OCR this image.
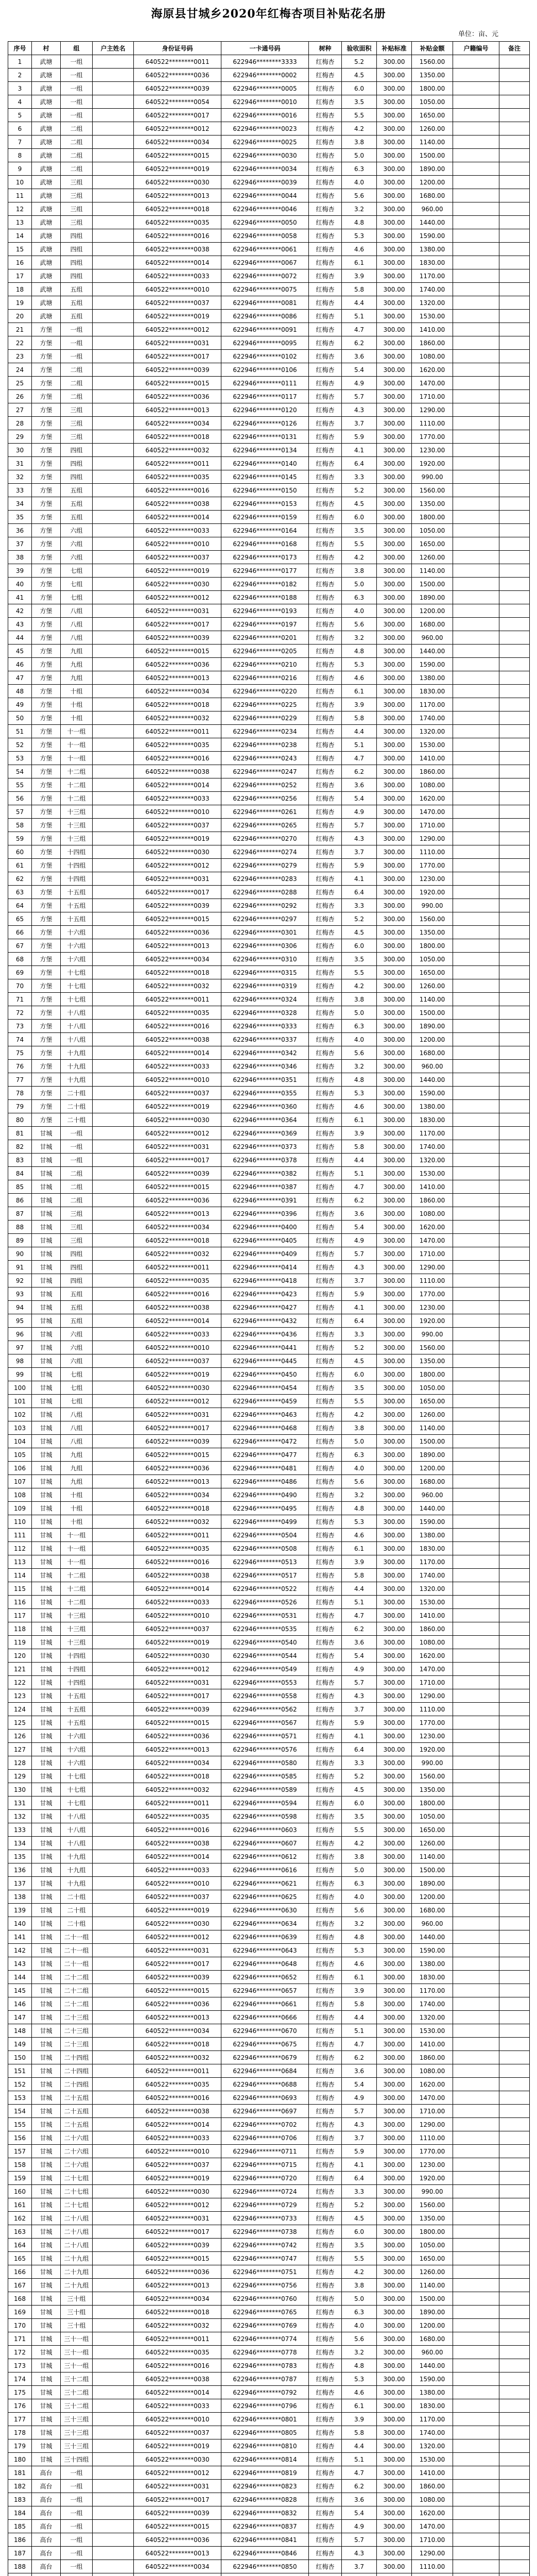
海原县甘城乡2020年红梅杏项目补贴花名册
单位：亩、元
序号	村	组	户主姓名	身份证号码	一卡通号码	树种	验收面积	补贴标准	补贴金额	户籍编号	备注
1	武塘	一组		640522********0011	622946********3333	红梅杏	5.2	300.00	1560.00		
2	武塘	一组		640522********0036	622946********0002	红梅杏	4.5	300.00	1350.00		
3	武塘	一组		640522********0039	622946********0005	红梅杏	6.0	300.00	1800.00		
4	武塘	一组		640522********0054	622946********0010	红梅杏	3.5	300.00	1050.00		
5	武塘	一组		640522********0017	622946********0016	红梅杏	5.5	300.00	1650.00		
6	武塘	二组		640522********0012	622946********0023	红梅杏	4.2	300.00	1260.00		
7	武塘	二组		640522********0034	622946********0025	红梅杏	3.8	300.00	1140.00		
8	武塘	二组		640522********0015	622946********0030	红梅杏	5.0	300.00	1500.00		
9	武塘	二组		640522********0019	622946********0034	红梅杏	6.3	300.00	1890.00		
10	武塘	三组		640522********0030	622946********0039	红梅杏	4.0	300.00	1200.00		
11	武塘	三组		640522********0013	622946********0044	红梅杏	5.6	300.00	1680.00		
12	武塘	三组		640522********0018	622946********0046	红梅杏	3.2	300.00	960.00		
13	武塘	三组		640522********0035	622946********0050	红梅杏	4.8	300.00	1440.00		
14	武塘	四组		640522********0016	622946********0058	红梅杏	5.3	300.00	1590.00		
15	武塘	四组		640522********0038	622946********0061	红梅杏	4.6	300.00	1380.00		
16	武塘	四组		640522********0014	622946********0067	红梅杏	6.1	300.00	1830.00		
17	武塘	四组		640522********0033	622946********0072	红梅杏	3.9	300.00	1170.00		
18	武塘	五组		640522********0010	622946********0075	红梅杏	5.8	300.00	1740.00		
19	武塘	五组		640522********0037	622946********0081	红梅杏	4.4	300.00	1320.00		
20	武塘	五组		640522********0019	622946********0086	红梅杏	5.1	300.00	1530.00		
21	方堡	一组		640522********0012	622946********0091	红梅杏	4.7	300.00	1410.00		
22	方堡	一组		640522********0031	622946********0095	红梅杏	6.2	300.00	1860.00		
23	方堡	一组		640522********0017	622946********0102	红梅杏	3.6	300.00	1080.00		
24	方堡	二组		640522********0039	622946********0106	红梅杏	5.4	300.00	1620.00		
25	方堡	二组		640522********0015	622946********0111	红梅杏	4.9	300.00	1470.00		
26	方堡	二组		640522********0036	622946********0117	红梅杏	5.7	300.00	1710.00		
27	方堡	三组		640522********0013	622946********0120	红梅杏	4.3	300.00	1290.00		
28	方堡	三组		640522********0034	622946********0126	红梅杏	3.7	300.00	1110.00		
29	方堡	三组		640522********0018	622946********0131	红梅杏	5.9	300.00	1770.00		
30	方堡	四组		640522********0032	622946********0134	红梅杏	4.1	300.00	1230.00		
31	方堡	四组		640522********0011	622946********0140	红梅杏	6.4	300.00	1920.00		
32	方堡	四组		640522********0035	622946********0145	红梅杏	3.3	300.00	990.00		
33	方堡	五组		640522********0016	622946********0150	红梅杏	5.2	300.00	1560.00		
34	方堡	五组		640522********0038	622946********0153	红梅杏	4.5	300.00	1350.00		
35	方堡	五组		640522********0014	622946********0159	红梅杏	6.0	300.00	1800.00		
36	方堡	六组		640522********0033	622946********0164	红梅杏	3.5	300.00	1050.00		
37	方堡	六组		640522********0010	622946********0168	红梅杏	5.5	300.00	1650.00		
38	方堡	六组		640522********0037	622946********0173	红梅杏	4.2	300.00	1260.00		
39	方堡	七组		640522********0019	622946********0177	红梅杏	3.8	300.00	1140.00		
40	方堡	七组		640522********0030	622946********0182	红梅杏	5.0	300.00	1500.00		
41	方堡	七组		640522********0012	622946********0188	红梅杏	6.3	300.00	1890.00		
42	方堡	八组		640522********0031	622946********0193	红梅杏	4.0	300.00	1200.00		
43	方堡	八组		640522********0017	622946********0197	红梅杏	5.6	300.00	1680.00		
44	方堡	八组		640522********0039	622946********0201	红梅杏	3.2	300.00	960.00		
45	方堡	九组		640522********0015	622946********0205	红梅杏	4.8	300.00	1440.00		
46	方堡	九组		640522********0036	622946********0210	红梅杏	5.3	300.00	1590.00		
47	方堡	九组		640522********0013	622946********0216	红梅杏	4.6	300.00	1380.00		
48	方堡	十组		640522********0034	622946********0220	红梅杏	6.1	300.00	1830.00		
49	方堡	十组		640522********0018	622946********0225	红梅杏	3.9	300.00	1170.00		
50	方堡	十组		640522********0032	622946********0229	红梅杏	5.8	300.00	1740.00		
51	方堡	十一组		640522********0011	622946********0234	红梅杏	4.4	300.00	1320.00		
52	方堡	十一组		640522********0035	622946********0238	红梅杏	5.1	300.00	1530.00		
53	方堡	十一组		640522********0016	622946********0243	红梅杏	4.7	300.00	1410.00		
54	方堡	十二组		640522********0038	622946********0247	红梅杏	6.2	300.00	1860.00		
55	方堡	十二组		640522********0014	622946********0252	红梅杏	3.6	300.00	1080.00		
56	方堡	十二组		640522********0033	622946********0256	红梅杏	5.4	300.00	1620.00		
57	方堡	十三组		640522********0010	622946********0261	红梅杏	4.9	300.00	1470.00		
58	方堡	十三组		640522********0037	622946********0265	红梅杏	5.7	300.00	1710.00		
59	方堡	十三组		640522********0019	622946********0270	红梅杏	4.3	300.00	1290.00		
60	方堡	十四组		640522********0030	622946********0274	红梅杏	3.7	300.00	1110.00		
61	方堡	十四组		640522********0012	622946********0279	红梅杏	5.9	300.00	1770.00		
62	方堡	十四组		640522********0031	622946********0283	红梅杏	4.1	300.00	1230.00		
63	方堡	十五组		640522********0017	622946********0288	红梅杏	6.4	300.00	1920.00		
64	方堡	十五组		640522********0039	622946********0292	红梅杏	3.3	300.00	990.00		
65	方堡	十五组		640522********0015	622946********0297	红梅杏	5.2	300.00	1560.00		
66	方堡	十六组		640522********0036	622946********0301	红梅杏	4.5	300.00	1350.00		
67	方堡	十六组		640522********0013	622946********0306	红梅杏	6.0	300.00	1800.00		
68	方堡	十六组		640522********0034	622946********0310	红梅杏	3.5	300.00	1050.00		
69	方堡	十七组		640522********0018	622946********0315	红梅杏	5.5	300.00	1650.00		
70	方堡	十七组		640522********0032	622946********0319	红梅杏	4.2	300.00	1260.00		
71	方堡	十七组		640522********0011	622946********0324	红梅杏	3.8	300.00	1140.00		
72	方堡	十八组		640522********0035	622946********0328	红梅杏	5.0	300.00	1500.00		
73	方堡	十八组		640522********0016	622946********0333	红梅杏	6.3	300.00	1890.00		
74	方堡	十八组		640522********0038	622946********0337	红梅杏	4.0	300.00	1200.00		
75	方堡	十九组		640522********0014	622946********0342	红梅杏	5.6	300.00	1680.00		
76	方堡	十九组		640522********0033	622946********0346	红梅杏	3.2	300.00	960.00		
77	方堡	十九组		640522********0010	622946********0351	红梅杏	4.8	300.00	1440.00		
78	方堡	二十组		640522********0037	622946********0355	红梅杏	5.3	300.00	1590.00		
79	方堡	二十组		640522********0019	622946********0360	红梅杏	4.6	300.00	1380.00		
80	方堡	二十组		640522********0030	622946********0364	红梅杏	6.1	300.00	1830.00		
81	甘城	一组		640522********0012	622946********0369	红梅杏	3.9	300.00	1170.00		
82	甘城	一组		640522********0031	622946********0373	红梅杏	5.8	300.00	1740.00		
83	甘城	一组		640522********0017	622946********0378	红梅杏	4.4	300.00	1320.00		
84	甘城	二组		640522********0039	622946********0382	红梅杏	5.1	300.00	1530.00		
85	甘城	二组		640522********0015	622946********0387	红梅杏	4.7	300.00	1410.00		
86	甘城	二组		640522********0036	622946********0391	红梅杏	6.2	300.00	1860.00		
87	甘城	三组		640522********0013	622946********0396	红梅杏	3.6	300.00	1080.00		
88	甘城	三组		640522********0034	622946********0400	红梅杏	5.4	300.00	1620.00		
89	甘城	三组		640522********0018	622946********0405	红梅杏	4.9	300.00	1470.00		
90	甘城	四组		640522********0032	622946********0409	红梅杏	5.7	300.00	1710.00		
91	甘城	四组		640522********0011	622946********0414	红梅杏	4.3	300.00	1290.00		
92	甘城	四组		640522********0035	622946********0418	红梅杏	3.7	300.00	1110.00		
93	甘城	五组		640522********0016	622946********0423	红梅杏	5.9	300.00	1770.00		
94	甘城	五组		640522********0038	622946********0427	红梅杏	4.1	300.00	1230.00		
95	甘城	五组		640522********0014	622946********0432	红梅杏	6.4	300.00	1920.00		
96	甘城	六组		640522********0033	622946********0436	红梅杏	3.3	300.00	990.00		
97	甘城	六组		640522********0010	622946********0441	红梅杏	5.2	300.00	1560.00		
98	甘城	六组		640522********0037	622946********0445	红梅杏	4.5	300.00	1350.00		
99	甘城	七组		640522********0019	622946********0450	红梅杏	6.0	300.00	1800.00		
100	甘城	七组		640522********0030	622946********0454	红梅杏	3.5	300.00	1050.00		
101	甘城	七组		640522********0012	622946********0459	红梅杏	5.5	300.00	1650.00		
102	甘城	八组		640522********0031	622946********0463	红梅杏	4.2	300.00	1260.00		
103	甘城	八组		640522********0017	622946********0468	红梅杏	3.8	300.00	1140.00		
104	甘城	八组		640522********0039	622946********0472	红梅杏	5.0	300.00	1500.00		
105	甘城	九组		640522********0015	622946********0477	红梅杏	6.3	300.00	1890.00		
106	甘城	九组		640522********0036	622946********0481	红梅杏	4.0	300.00	1200.00		
107	甘城	九组		640522********0013	622946********0486	红梅杏	5.6	300.00	1680.00		
108	甘城	十组		640522********0034	622946********0490	红梅杏	3.2	300.00	960.00		
109	甘城	十组		640522********0018	622946********0495	红梅杏	4.8	300.00	1440.00		
110	甘城	十组		640522********0032	622946********0499	红梅杏	5.3	300.00	1590.00		
111	甘城	十一组		640522********0011	622946********0504	红梅杏	4.6	300.00	1380.00		
112	甘城	十一组		640522********0035	622946********0508	红梅杏	6.1	300.00	1830.00		
113	甘城	十一组		640522********0016	622946********0513	红梅杏	3.9	300.00	1170.00		
114	甘城	十二组		640522********0038	622946********0517	红梅杏	5.8	300.00	1740.00		
115	甘城	十二组		640522********0014	622946********0522	红梅杏	4.4	300.00	1320.00		
116	甘城	十二组		640522********0033	622946********0526	红梅杏	5.1	300.00	1530.00		
117	甘城	十三组		640522********0010	622946********0531	红梅杏	4.7	300.00	1410.00		
118	甘城	十三组		640522********0037	622946********0535	红梅杏	6.2	300.00	1860.00		
119	甘城	十三组		640522********0019	622946********0540	红梅杏	3.6	300.00	1080.00		
120	甘城	十四组		640522********0030	622946********0544	红梅杏	5.4	300.00	1620.00		
121	甘城	十四组		640522********0012	622946********0549	红梅杏	4.9	300.00	1470.00		
122	甘城	十四组		640522********0031	622946********0553	红梅杏	5.7	300.00	1710.00		
123	甘城	十五组		640522********0017	622946********0558	红梅杏	4.3	300.00	1290.00		
124	甘城	十五组		640522********0039	622946********0562	红梅杏	3.7	300.00	1110.00		
125	甘城	十五组		640522********0015	622946********0567	红梅杏	5.9	300.00	1770.00		
126	甘城	十六组		640522********0036	622946********0571	红梅杏	4.1	300.00	1230.00		
127	甘城	十六组		640522********0013	622946********0576	红梅杏	6.4	300.00	1920.00		
128	甘城	十六组		640522********0034	622946********0580	红梅杏	3.3	300.00	990.00		
129	甘城	十七组		640522********0018	622946********0585	红梅杏	5.2	300.00	1560.00		
130	甘城	十七组		640522********0032	622946********0589	红梅杏	4.5	300.00	1350.00		
131	甘城	十七组		640522********0011	622946********0594	红梅杏	6.0	300.00	1800.00		
132	甘城	十八组		640522********0035	622946********0598	红梅杏	3.5	300.00	1050.00		
133	甘城	十八组		640522********0016	622946********0603	红梅杏	5.5	300.00	1650.00		
134	甘城	十八组		640522********0038	622946********0607	红梅杏	4.2	300.00	1260.00		
135	甘城	十九组		640522********0014	622946********0612	红梅杏	3.8	300.00	1140.00		
136	甘城	十九组		640522********0033	622946********0616	红梅杏	5.0	300.00	1500.00		
137	甘城	十九组		640522********0010	622946********0621	红梅杏	6.3	300.00	1890.00		
138	甘城	二十组		640522********0037	622946********0625	红梅杏	4.0	300.00	1200.00		
139	甘城	二十组		640522********0019	622946********0630	红梅杏	5.6	300.00	1680.00		
140	甘城	二十组		640522********0030	622946********0634	红梅杏	3.2	300.00	960.00		
141	甘城	二十一组		640522********0012	622946********0639	红梅杏	4.8	300.00	1440.00		
142	甘城	二十一组		640522********0031	622946********0643	红梅杏	5.3	300.00	1590.00		
143	甘城	二十一组		640522********0017	622946********0648	红梅杏	4.6	300.00	1380.00		
144	甘城	二十二组		640522********0039	622946********0652	红梅杏	6.1	300.00	1830.00		
145	甘城	二十二组		640522********0015	622946********0657	红梅杏	3.9	300.00	1170.00		
146	甘城	二十二组		640522********0036	622946********0661	红梅杏	5.8	300.00	1740.00		
147	甘城	二十三组		640522********0013	622946********0666	红梅杏	4.4	300.00	1320.00		
148	甘城	二十三组		640522********0034	622946********0670	红梅杏	5.1	300.00	1530.00		
149	甘城	二十三组		640522********0018	622946********0675	红梅杏	4.7	300.00	1410.00		
150	甘城	二十四组		640522********0032	622946********0679	红梅杏	6.2	300.00	1860.00		
151	甘城	二十四组		640522********0011	622946********0684	红梅杏	3.6	300.00	1080.00		
152	甘城	二十四组		640522********0035	622946********0688	红梅杏	5.4	300.00	1620.00		
153	甘城	二十五组		640522********0016	622946********0693	红梅杏	4.9	300.00	1470.00		
154	甘城	二十五组		640522********0038	622946********0697	红梅杏	5.7	300.00	1710.00		
155	甘城	二十五组		640522********0014	622946********0702	红梅杏	4.3	300.00	1290.00		
156	甘城	二十六组		640522********0033	622946********0706	红梅杏	3.7	300.00	1110.00		
157	甘城	二十六组		640522********0010	622946********0711	红梅杏	5.9	300.00	1770.00		
158	甘城	二十六组		640522********0037	622946********0715	红梅杏	4.1	300.00	1230.00		
159	甘城	二十七组		640522********0019	622946********0720	红梅杏	6.4	300.00	1920.00		
160	甘城	二十七组		640522********0030	622946********0724	红梅杏	3.3	300.00	990.00		
161	甘城	二十七组		640522********0012	622946********0729	红梅杏	5.2	300.00	1560.00		
162	甘城	二十八组		640522********0031	622946********0733	红梅杏	4.5	300.00	1350.00		
163	甘城	二十八组		640522********0017	622946********0738	红梅杏	6.0	300.00	1800.00		
164	甘城	二十八组		640522********0039	622946********0742	红梅杏	3.5	300.00	1050.00		
165	甘城	二十九组		640522********0015	622946********0747	红梅杏	5.5	300.00	1650.00		
166	甘城	二十九组		640522********0036	622946********0751	红梅杏	4.2	300.00	1260.00		
167	甘城	二十九组		640522********0013	622946********0756	红梅杏	3.8	300.00	1140.00		
168	甘城	三十组		640522********0034	622946********0760	红梅杏	5.0	300.00	1500.00		
169	甘城	三十组		640522********0018	622946********0765	红梅杏	6.3	300.00	1890.00		
170	甘城	三十组		640522********0032	622946********0769	红梅杏	4.0	300.00	1200.00		
171	甘城	三十一组		640522********0011	622946********0774	红梅杏	5.6	300.00	1680.00		
172	甘城	三十一组		640522********0035	622946********0778	红梅杏	3.2	300.00	960.00		
173	甘城	三十一组		640522********0016	622946********0783	红梅杏	4.8	300.00	1440.00		
174	甘城	三十二组		640522********0038	622946********0787	红梅杏	5.3	300.00	1590.00		
175	甘城	三十二组		640522********0014	622946********0792	红梅杏	4.6	300.00	1380.00		
176	甘城	三十二组		640522********0033	622946********0796	红梅杏	6.1	300.00	1830.00		
177	甘城	三十三组		640522********0010	622946********0801	红梅杏	3.9	300.00	1170.00		
178	甘城	三十三组		640522********0037	622946********0805	红梅杏	5.8	300.00	1740.00		
179	甘城	三十三组		640522********0019	622946********0810	红梅杏	4.4	300.00	1320.00		
180	甘城	三十四组		640522********0030	622946********0814	红梅杏	5.1	300.00	1530.00		
181	高台	一组		640522********0012	622946********0819	红梅杏	4.7	300.00	1410.00		
182	高台	一组		640522********0031	622946********0823	红梅杏	6.2	300.00	1860.00		
183	高台	一组		640522********0017	622946********0828	红梅杏	3.6	300.00	1080.00		
184	高台	一组		640522********0039	622946********0832	红梅杏	5.4	300.00	1620.00		
185	高台	一组		640522********0015	622946********0837	红梅杏	4.9	300.00	1470.00		
186	高台	一组		640522********0036	622946********0841	红梅杏	5.7	300.00	1710.00		
187	高台	一组		640522********0013	622946********0846	红梅杏	4.3	300.00	1290.00		
188	高台	一组		640522********0034	622946********0850	红梅杏	3.7	300.00	1110.00		
